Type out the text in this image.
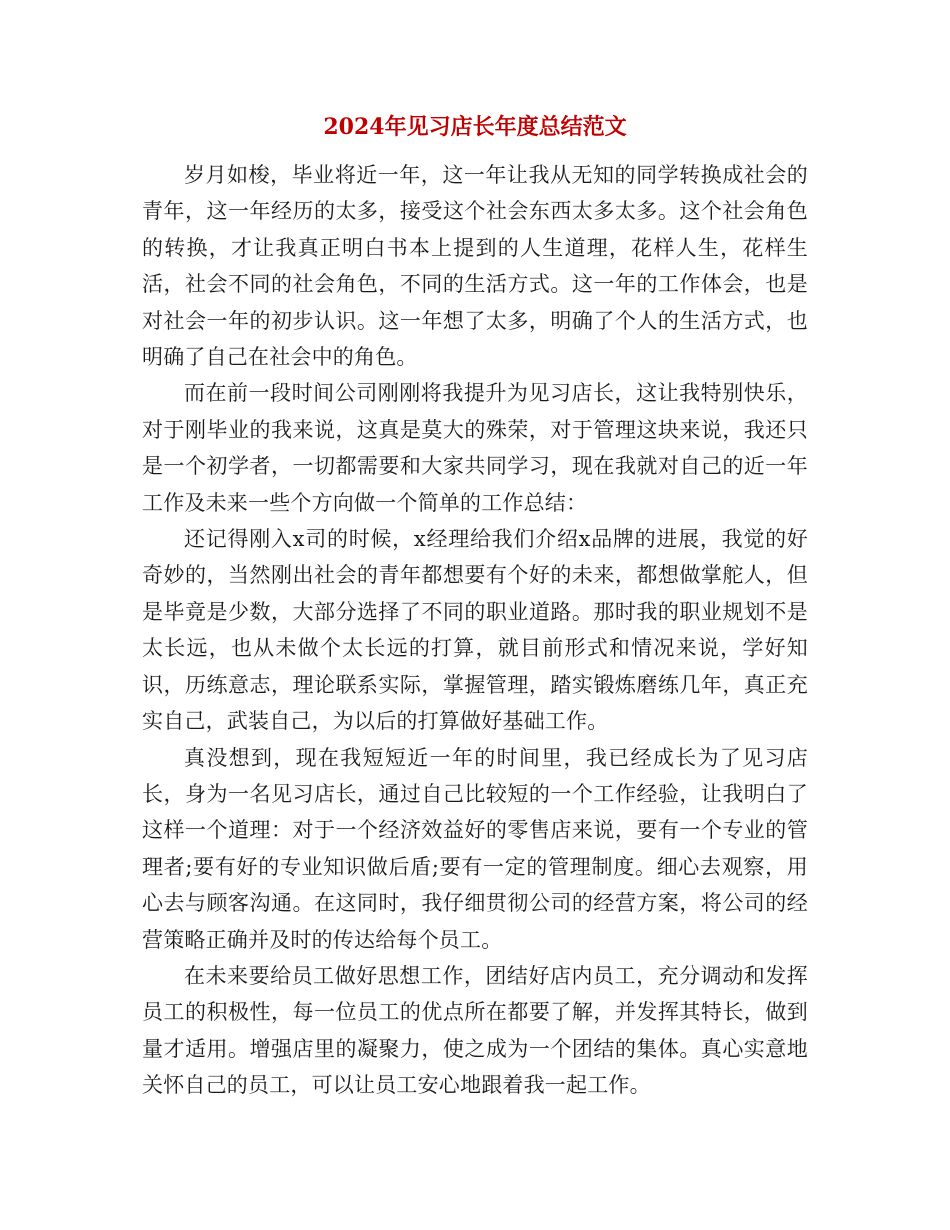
2024年见习店长年度总结范文

岁月如梭，毕业将近一年，这一年让我从无知的同学转换成社会的青年，这一年经历的太多，接受这个社会东西太多太多。这个社会角色的转换，才让我真正明白书本上提到的人生道理，花样人生，花样生活，社会不同的社会角色，不同的生活方式。这一年的工作体会，也是对社会一年的初步认识。这一年想了太多，明确了个人的生活方式，也明确了自己在社会中的角色。

而在前一段时间公司刚刚将我提升为见习店长，这让我特别快乐，对于刚毕业的我来说，这真是莫大的殊荣，对于管理这块来说，我还只是一个初学者，一切都需要和大家共同学习，现在我就对自己的近一年工作及未来一些个方向做一个简单的工作总结：

还记得刚入x司的时候，x经理给我们介绍x品牌的进展，我觉的好奇妙的，当然刚出社会的青年都想要有个好的未来，都想做掌舵人，但是毕竟是少数，大部分选择了不同的职业道路。那时我的职业规划不是太长远，也从未做个太长远的打算，就目前形式和情况来说，学好知识，历练意志，理论联系实际，掌握管理，踏实锻炼磨练几年，真正充实自己，武装自己，为以后的打算做好基础工作。

真没想到，现在我短短近一年的时间里，我已经成长为了见习店长，身为一名见习店长，通过自己比较短的一个工作经验，让我明白了这样一个道理：对于一个经济效益好的零售店来说，要有一个专业的管理者;要有好的专业知识做后盾;要有一定的管理制度。细心去观察，用心去与顾客沟通。在这同时，我仔细贯彻公司的经营方案，将公司的经营策略正确并及时的传达给每个员工。

在未来要给员工做好思想工作，团结好店内员工，充分调动和发挥员工的积极性，每一位员工的优点所在都要了解，并发挥其特长，做到量才适用。增强店里的凝聚力，使之成为一个团结的集体。真心实意地关怀自己的员工，可以让员工安心地跟着我一起工作。
